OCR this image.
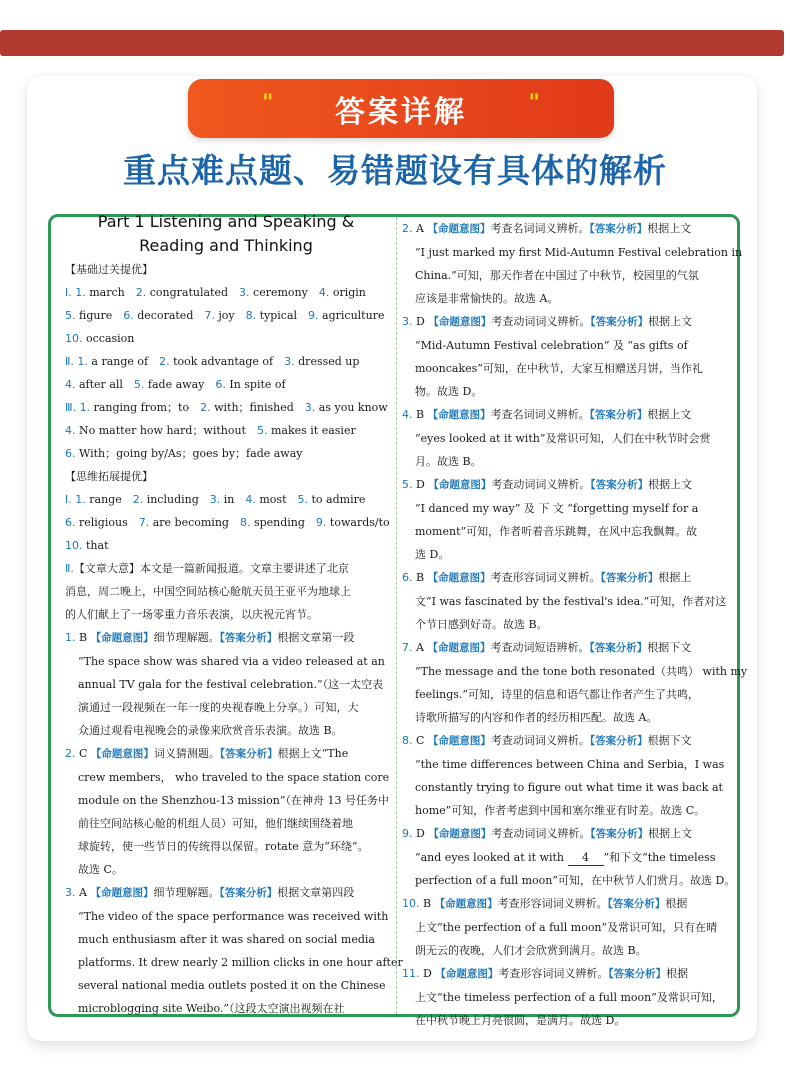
"	答案详解	"
重点难点题、易错题设有具体的解析
Part 1 Listening and Speaking &
Reading and Thinking
【基础过关提优】
Ⅰ. 1. march  2. congratulated  3. ceremony  4. origin
5. figure  6. decorated  7. joy  8. typical  9. agriculture
10. occasion
Ⅱ. 1. a range of  2. took advantage of  3. dressed up
4. after all  5. fade away  6. In spite of
Ⅲ. 1. ranging from；to  2. with；finished  3. as you know
4. No matter how hard；without  5. makes it easier
6. With；going by/As；goes by；fade away
【思维拓展提优】
Ⅰ. 1. range  2. including  3. in  4. most  5. to admire
6. religious  7. are becoming  8. spending  9. towards/to
10. that
Ⅱ.【文章大意】本文是一篇新闻报道。文章主要讲述了北京
消息，周二晚上，中国空间站核心舱航天员王亚平为地球上
的人们献上了一场零重力音乐表演，以庆祝元宵节。
1. B 【命题意图】细节理解题。【答案分析】根据文章第一段
“The space show was shared via a video released at an
annual TV gala for the festival celebration.”（这一太空表
演通过一段视频在一年一度的央视春晚上分享。）可知，大
众通过观看电视晚会的录像来欣赏音乐表演。故选 B。
2. C 【命题意图】词义猜测题。【答案分析】根据上文“The
crew members， who traveled to the space station core
module on the Shenzhou-13 mission”（在神舟 13 号任务中
前往空间站核心舱的机组人员）可知，他们继续围绕着地
球旋转，使一些节日的传统得以保留。rotate 意为“环绕”。
故选 C。
3. A 【命题意图】细节理解题。【答案分析】根据文章第四段
“The video of the space performance was received with
much enthusiasm after it was shared on social media
platforms. It drew nearly 2 million clicks in one hour after
several national media outlets posted it on the Chinese
microblogging site Weibo.”（这段太空演出视频在社
2. A 【命题意图】考查名词词义辨析。【答案分析】根据上文
“I just marked my first Mid-Autumn Festival celebration in
China.”可知，那天作者在中国过了中秋节，校园里的气氛
应该是非常愉快的。故选 A。
3. D 【命题意图】考查动词词义辨析。【答案分析】根据上文
“Mid-Autumn Festival celebration” 及 “as gifts of
mooncakes”可知，在中秋节，大家互相赠送月饼，当作礼
物。故选 D。
4. B 【命题意图】考查名词词义辨析。【答案分析】根据上文
“eyes looked at it with”及常识可知，人们在中秋节时会赏
月。故选 B。
5. D 【命题意图】考查动词词义辨析。【答案分析】根据上文
“I danced my way” 及 下 文 “forgetting myself for a
moment”可知，作者听着音乐跳舞，在风中忘我飘舞。故
选 D。
6. B 【命题意图】考查形容词词义辨析。【答案分析】根据上
文“I was fascinated by the festival's idea.”可知，作者对这
个节日感到好奇。故选 B。
7. A 【命题意图】考查动词短语辨析。【答案分析】根据下文
“The message and the tone both resonated（共鸣） with my
feelings.”可知，诗里的信息和语气都让作者产生了共鸣，
诗歌所描写的内容和作者的经历相匹配。故选 A。
8. C 【命题意图】考查动词词义辨析。【答案分析】根据下文
“the time differences between China and Serbia，I was
constantly trying to figure out what time it was back at
home”可知，作者考虑到中国和塞尔维亚有时差。故选 C。
9. D 【命题意图】考查动词词义辨析。【答案分析】根据上文
“and eyes looked at it with 4 ”和下文“the timeless
perfection of a full moon”可知，在中秋节人们赏月。故选 D。
10. B 【命题意图】考查形容词词义辨析。【答案分析】根据
上文“the perfection of a full moon”及常识可知，只有在晴
朗无云的夜晚，人们才会欣赏到满月。故选 B。
11. D 【命题意图】考查形容词词义辨析。【答案分析】根据
上文“the timeless perfection of a full moon”及常识可知，
在中秋节晚上月亮很圆，是满月。故选 D。
